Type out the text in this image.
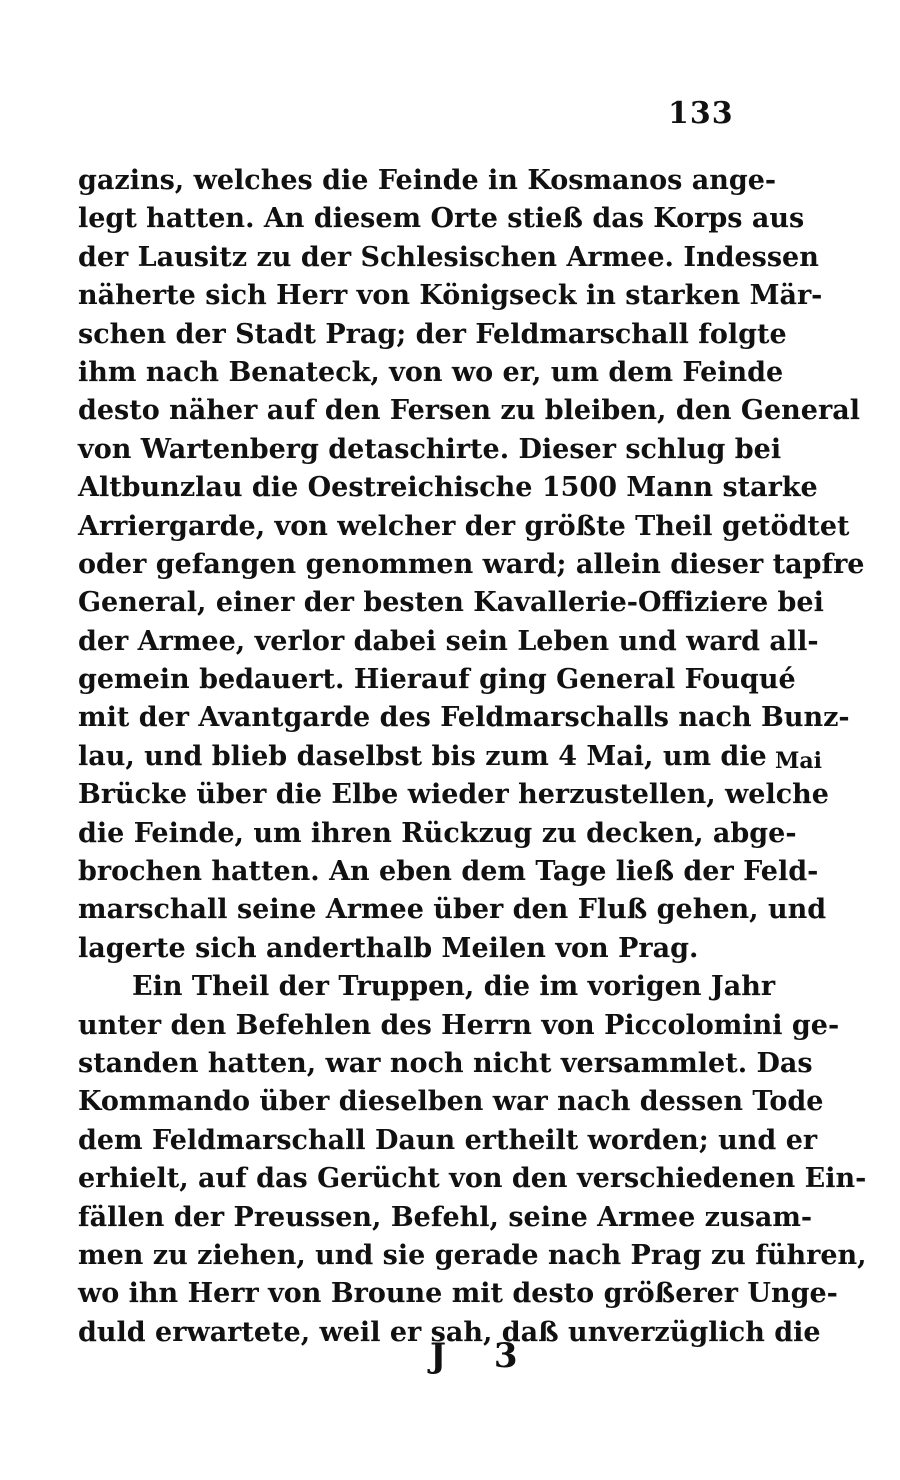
133
gazins, welches die Feinde in Kosmanos ange-
legt hatten. An diesem Orte stieß das Korps aus
der Lausitz zu der Schlesischen Armee. Indessen
näherte sich Herr von Königseck in starken Mär-
schen der Stadt Prag; der Feldmarschall folgte
ihm nach Benateck, von wo er, um dem Feinde
desto näher auf den Fersen zu bleiben, den General
von Wartenberg detaschirte. Dieser schlug bei
Altbunzlau die Oestreichische 1500 Mann starke
Arriergarde, von welcher der größte Theil getödtet
oder gefangen genommen ward; allein dieser tapfre
General, einer der besten Kavallerie-Offiziere bei
der Armee, verlor dabei sein Leben und ward all-
gemein bedauert. Hierauf ging General Fouqué
mit der Avantgarde des Feldmarschalls nach Bunz-
lau, und blieb daselbst bis zum 4 Mai, um die
Brücke über die Elbe wieder herzustellen, welche
die Feinde, um ihren Rückzug zu decken, abge-
brochen hatten. An eben dem Tage ließ der Feld-
marschall seine Armee über den Fluß gehen, und
lagerte sich anderthalb Meilen von Prag.
Ein Theil der Truppen, die im vorigen Jahr
unter den Befehlen des Herrn von Piccolomini ge-
standen hatten, war noch nicht versammlet. Das
Kommando über dieselben war nach dessen Tode
dem Feldmarschall Daun ertheilt worden; und er
erhielt, auf das Gerücht von den verschiedenen Ein-
fällen der Preussen, Befehl, seine Armee zusam-
men zu ziehen, und sie gerade nach Prag zu führen,
wo ihn Herr von Broune mit desto größerer Unge-
duld erwartete, weil er sah, daß unverzüglich die
Mai
J 3
